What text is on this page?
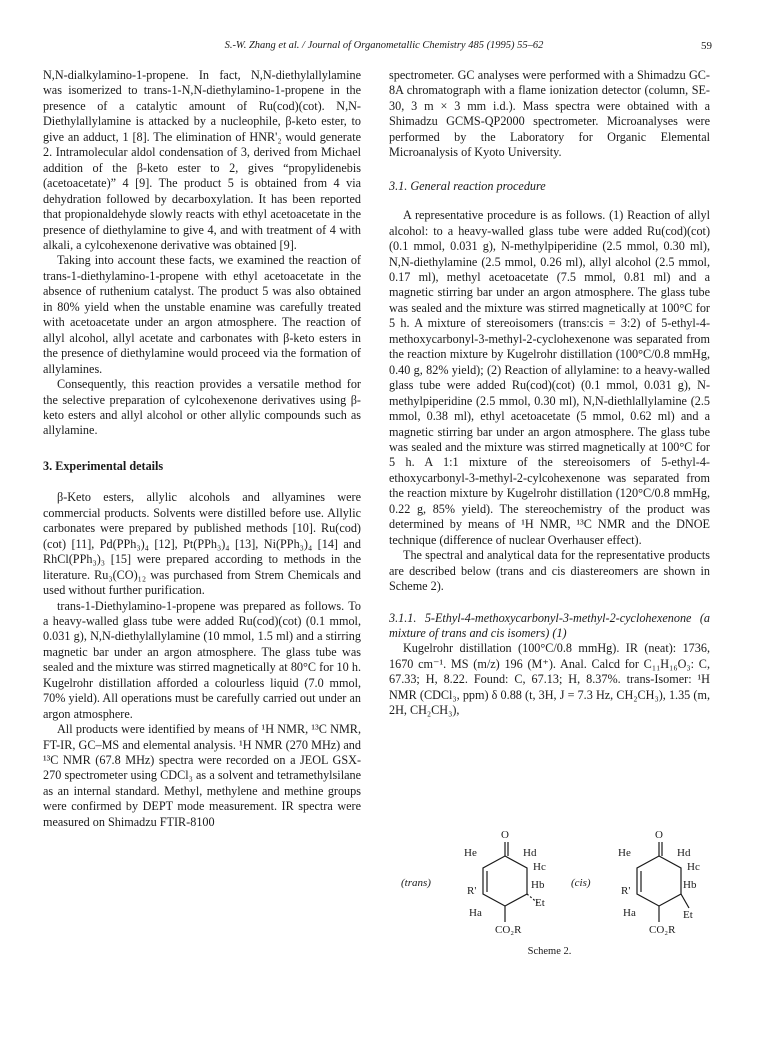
S.-W. Zhang et al. / Journal of Organometallic Chemistry 485 (1995) 55–62	59

N,N-dialkylamino-1-propene. In fact, N,N-diethylallylamine was isomerized to trans-1-N,N-diethylamino-1-propene in the presence of a catalytic amount of Ru(cod)(cot). N,N-Diethylallylamine is attacked by a nucleophile, β-keto ester, to give an adduct, 1 [8]. The elimination of HNR'₂ would generate 2. Intramolecular aldol condensation of 3, derived from Michael addition of the β-keto ester to 2, gives “propylidenebis (acetoacetate)” 4 [9]. The product 5 is obtained from 4 via dehydration followed by decarboxylation. It has been reported that propionaldehyde slowly reacts with ethyl acetoacetate in the presence of diethylamine to give 4, and with treatment of 4 with alkali, a cylcohexenone derivative was obtained [9].

Taking into account these facts, we examined the reaction of trans-1-diethylamino-1-propene with ethyl acetoacetate in the absence of ruthenium catalyst. The product 5 was also obtained in 80% yield when the unstable enamine was carefully treated with acetoacetate under an argon atmosphere. The reaction of allyl alcohol, allyl acetate and carbonates with β-keto esters in the presence of diethylamine would proceed via the formation of allylamines.

Consequently, this reaction provides a versatile method for the selective preparation of cylcohexenone derivatives using β-keto esters and allyl alcohol or other allylic compounds such as allylamine.

3. Experimental details

β-Keto esters, allylic alcohols and allyamines were commercial products. Solvents were distilled before use. Allylic carbonates were prepared by published methods [10]. Ru(cod)(cot) [11], Pd(PPh₃)₄ [12], Pt(PPh₃)₄ [13], Ni(PPh₃)₄ [14] and RhCl(PPh₃)₃ [15] were prepared according to methods in the literature. Ru₃(CO)₁₂ was purchased from Strem Chemicals and used without further purification.

trans-1-Diethylamino-1-propene was prepared as follows. To a heavy-walled glass tube were added Ru(cod)(cot) (0.1 mmol, 0.031 g), N,N-diethylallylamine (10 mmol, 1.5 ml) and a stirring magnetic bar under an argon atmosphere. The glass tube was sealed and the mixture was stirred magnetically at 80°C for 10 h. Kugelrohr distillation afforded a colourless liquid (7.0 mmol, 70% yield). All operations must be carefully carried out under an argon atmosphere.

All products were identified by means of ¹H NMR, ¹³C NMR, FT-IR, GC–MS and elemental analysis. ¹H NMR (270 MHz) and ¹³C NMR (67.8 MHz) spectra were recorded on a JEOL GSX-270 spectrometer using CDCl₃ as a solvent and tetramethylsilane as an internal standard. Methyl, methylene and methine groups were confirmed by DEPT mode measurement. IR spectra were measured on Shimadzu FTIR-8100

spectrometer. GC analyses were performed with a Shimadzu GC-8A chromatograph with a flame ionization detector (column, SE-30, 3 m × 3 mm i.d.). Mass spectra were obtained with a Shimadzu GCMS-QP2000 spectrometer. Microanalyses were performed by the Laboratory for Organic Elemental Microanalysis of Kyoto University.

3.1. General reaction procedure

A representative procedure is as follows. (1) Reaction of allyl alcohol: to a heavy-walled glass tube were added Ru(cod)(cot) (0.1 mmol, 0.031 g), N-methylpiperidine (2.5 mmol, 0.30 ml), N,N-diethylamine (2.5 mmol, 0.26 ml), allyl alcohol (2.5 mmol, 0.17 ml), methyl acetoacetate (7.5 mmol, 0.81 ml) and a magnetic stirring bar under an argon atmosphere. The glass tube was sealed and the mixture was stirred magnetically at 100°C for 5 h. A mixture of stereoisomers (trans:cis = 3:2) of 5-ethyl-4-methoxycarbonyl-3-methyl-2-cyclohexenone was separated from the reaction mixture by Kugelrohr distillation (100°C/0.8 mmHg, 0.40 g, 82% yield); (2) Reaction of allylamine: to a heavy-walled glass tube were added Ru(cod)(cot) (0.1 mmol, 0.031 g), N-methylpiperidine (2.5 mmol, 0.30 ml), N,N-diethlallylamine (2.5 mmol, 0.38 ml), ethyl acetoacetate (5 mmol, 0.62 ml) and a magnetic stirring bar under an argon atmosphere. The glass tube was sealed and the mixture was stirred magnetically at 100°C for 5 h. A 1:1 mixture of the stereoisomers of 5-ethyl-4-ethoxycarbonyl-3-methyl-2-cylcohexenone was separated from the reaction mixture by Kugelrohr distillation (120°C/0.8 mmHg, 0.22 g, 85% yield). The stereochemistry of the product was determined by means of ¹H NMR, ¹³C NMR and the DNOE technique (difference of nuclear Overhauser effect).

The spectral and analytical data for the representative products are described below (trans and cis diastereomers are shown in Scheme 2).

3.1.1. 5-Ethyl-4-methoxycarbonyl-3-methyl-2-cyclohexenone (a mixture of trans and cis isomers) (1)

Kugelrohr distillation (100°C/0.8 mmHg). IR (neat): 1736, 1670 cm⁻¹. MS (m/z) 196 (M⁺). Anal. Calcd for C₁₁H₁₆O₃: C, 67.33; H, 8.22. Found: C, 67.13; H, 8.37%. trans-Isomer: ¹H NMR (CDCl₃, ppm) δ 0.88 (t, 3H, J = 7.3 Hz, CH₂CH₃), 1.35 (m, 2H, CH₂CH₃),

O
He	Hd
Hc
Hb
R'
Et
Ha
CO₂R
(trans)
O
He	Hd
Hc
Hb
R'
Et
Ha
CO₂R
(cis)
Scheme 2.
